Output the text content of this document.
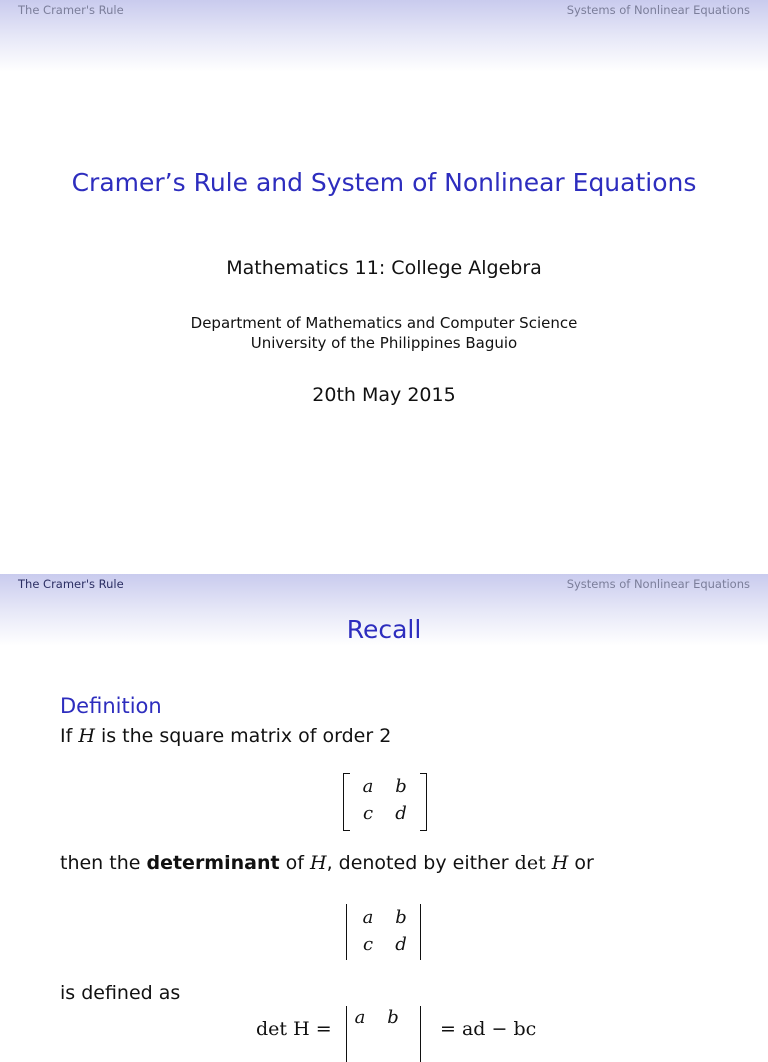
The Cramer's Rule	Systems of Nonlinear Equations
Cramer’s Rule and System of Nonlinear Equations
Mathematics 11: College Algebra
Department of Mathematics and Computer Science
University of the Philippines Baguio
20th May 2015
The Cramer's Rule	Systems of Nonlinear Equations
Recall
Definition
If H is the square matrix of order 2
a b
c d
then the determinant of H, denoted by either det H or
a b
c d
is defined as
det H =
a b
= ad − bc
